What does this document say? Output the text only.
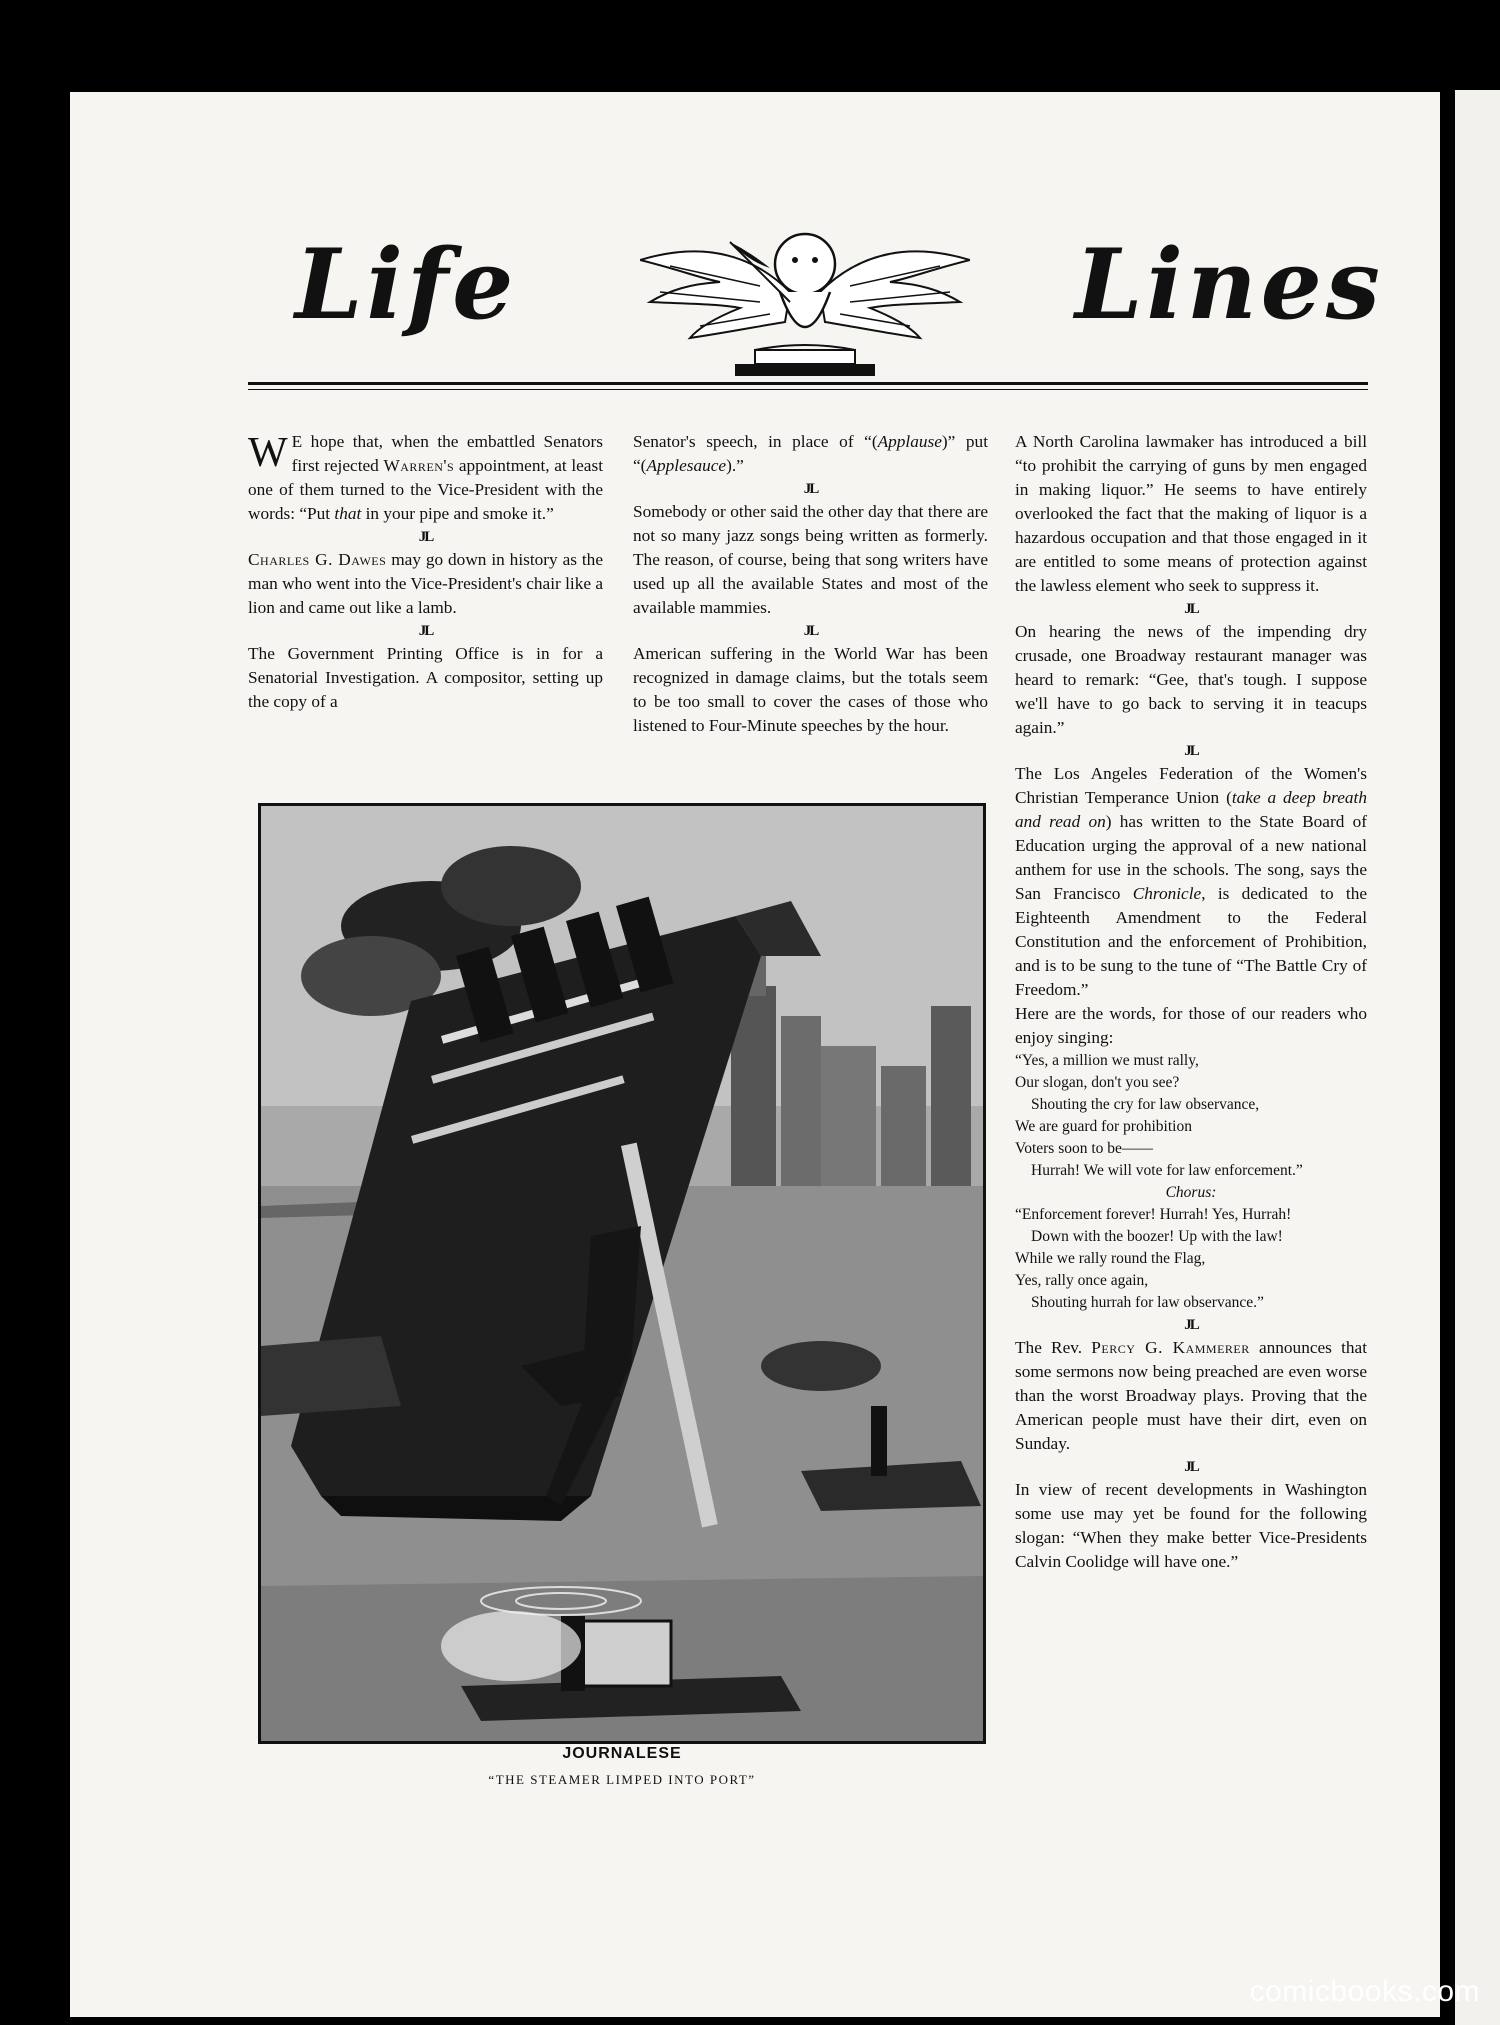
Life	Lines

W E hope that, when the embattled Senators first rejected Warren's appointment, at least one of them turned to the Vice-President with the words: “Put that in your pipe and smoke it.”

JL

Charles G. Dawes may go down in history as the man who went into the Vice-President's chair like a lion and came out like a lamb.

JL

The Government Printing Office is in for a Senatorial Investigation. A compositor, setting up the copy of a

Senator's speech, in place of “(Applause)” put “(Applesauce).”

JL

Somebody or other said the other day that there are not so many jazz songs being written as formerly. The reason, of course, being that song writers have used up all the available States and most of the available mammies.

JL

American suffering in the World War has been recognized in damage claims, but the totals seem to be too small to cover the cases of those who listened to Four-Minute speeches by the hour.

JOURNALESE
“THE STEAMER LIMPED INTO PORT”

A North Carolina lawmaker has introduced a bill “to prohibit the carrying of guns by men engaged in making liquor.” He seems to have entirely overlooked the fact that the making of liquor is a hazardous occupation and that those engaged in it are entitled to some means of protection against the lawless element who seek to suppress it.

JL

On hearing the news of the impending dry crusade, one Broadway restaurant manager was heard to remark: “Gee, that's tough. I suppose we'll have to go back to serving it in teacups again.”

JL

The Los Angeles Federation of the Women's Christian Temperance Union (take a deep breath and read on) has written to the State Board of Education urging the approval of a new national anthem for use in the schools. The song, says the San Francisco Chronicle, is dedicated to the Eighteenth Amendment to the Federal Constitution and the enforcement of Prohibition, and is to be sung to the tune of “The Battle Cry of Freedom.”

Here are the words, for those of our readers who enjoy singing:

“Yes, a million we must rally,
Our slogan, don't you see?
Shouting the cry for law observance,
We are guard for prohibition
Voters soon to be——
Hurrah! We will vote for law enforcement.”
Chorus:
“Enforcement forever! Hurrah! Yes, Hurrah!
Down with the boozer! Up with the law!
While we rally round the Flag,
Yes, rally once again,
Shouting hurrah for law observance.”
JL

The Rev. Percy G. Kammerer announces that some sermons now being preached are even worse than the worst Broadway plays. Proving that the American people must have their dirt, even on Sunday.

JL

In view of recent developments in Washington some use may yet be found for the following slogan: “When they make better Vice-Presidents Calvin Coolidge will have one.”

comicbooks.com
